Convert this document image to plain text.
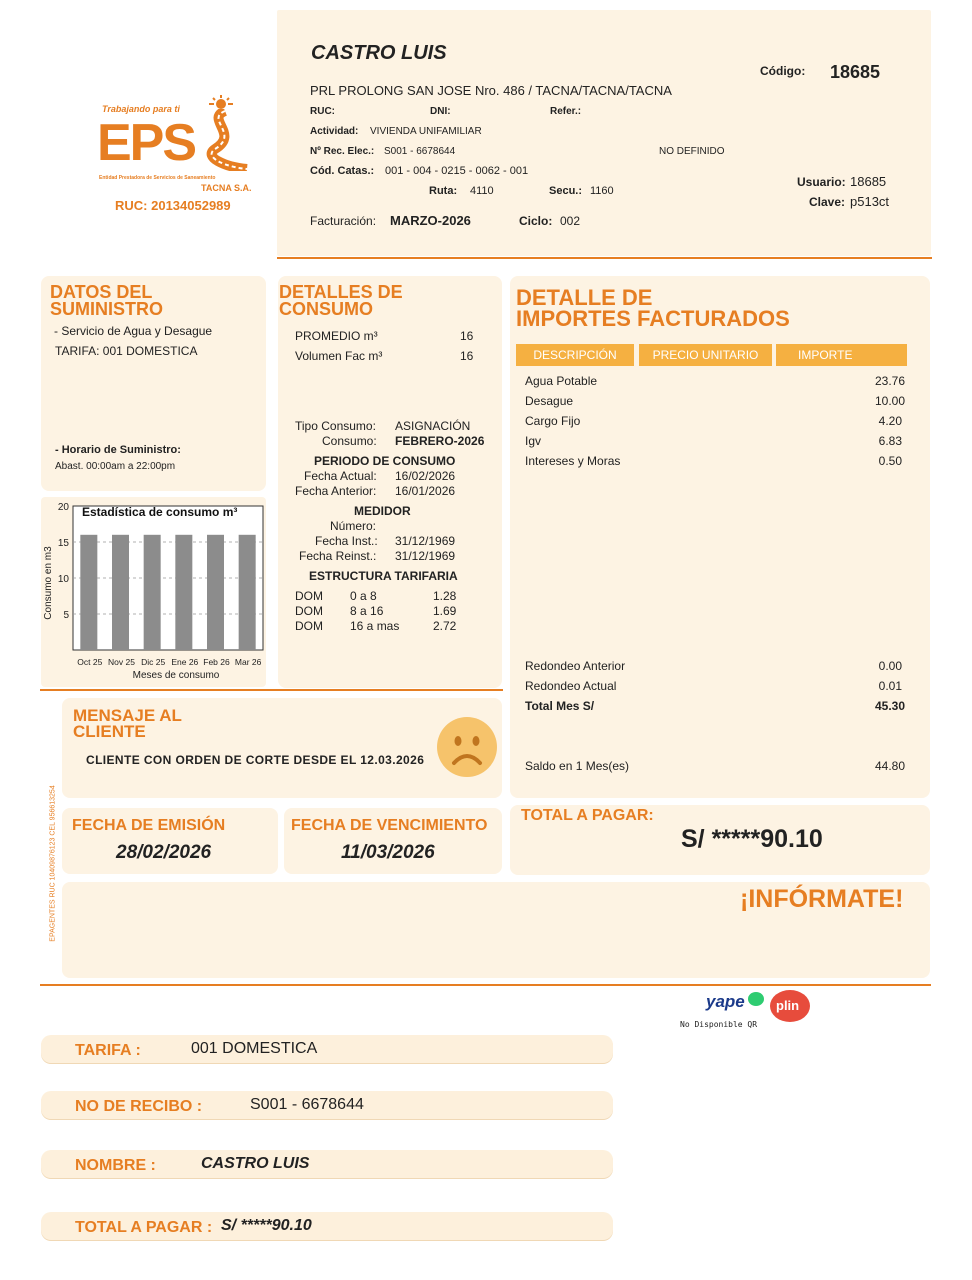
CASTRO LUIS
PRL PROLONG SAN JOSE Nro. 486 / TACNA/TACNA/TACNA
RUC:	DNI:	Refer.:
Actividad: VIVIENDA UNIFAMILIAR
Nº Rec. Elec.: S001 - 6678644	NO DEFINIDO
Cód. Catas.: 001 - 004 - 0215 - 0062 - 001
Ruta: 4110	Secu.: 1160
Facturación: MARZO-2026	Ciclo: 002
Código: 18685
Usuario: 18685
Clave: p513ct
Trabajando para ti
EPS
Entidad Prestadora de Servicios de Saneamiento
TACNA S.A.
RUC: 20134052989
DATOS DEL
SUMINISTRO
- Servicio de Agua y Desague
TARIFA: 001 DOMESTICA
- Horario de Suministro:
Abast. 00:00am a 22:00pm
5
10
15
20
Oct 25 Nov 25 Dic 25 Ene 26 Feb 26 Mar 26
Estadística de consumo m³
Meses de consumo
Consumo en m3
DETALLES DE
CONSUMO
PROMEDIO m³	16
Volumen Fac m³	16
Tipo Consumo: ASIGNACIÓN
Consumo: FEBRERO-2026
PERIODO DE CONSUMO
Fecha Actual: 16/02/2026
Fecha Anterior: 16/01/2026
MEDIDOR
Número:
Fecha Inst.: 31/12/1969
Fecha Reinst.: 31/12/1969
ESTRUCTURA TARIFARIA
DOM 0 a 8	1.28
DOM 8 a 16	1.69
DOM 16 a mas	2.72
DETALLE DE
IMPORTES FACTURADOS
DESCRIPCIÓN	PRECIO UNITARIO	IMPORTE
Agua Potable	23.76
Desague	10.00
Cargo Fijo	4.20
Igv	6.83
Intereses y Moras	0.50
Redondeo Anterior	0.00
Redondeo Actual	0.01
Total Mes S/	45.30
Saldo en 1 Mes(es)	44.80
MENSAJE AL
CLIENTE
CLIENTE CON ORDEN DE CORTE DESDE EL 12.03.2026
EPAGENTES RUC 10409876123 CEL 956613254 FECHA DE EMISIÓN
28/02/2026
FECHA DE VENCIMIENTO
11/03/2026
TOTAL A PAGAR:
S/ *****90.10
¡INFÓRMATE!
yape plin
No Disponible QR
TARIFA :	001 DOMESTICA
NO DE RECIBO :	S001 - 6678644
NOMBRE :	CASTRO LUIS
TOTAL A PAGAR : S/ *****90.10
